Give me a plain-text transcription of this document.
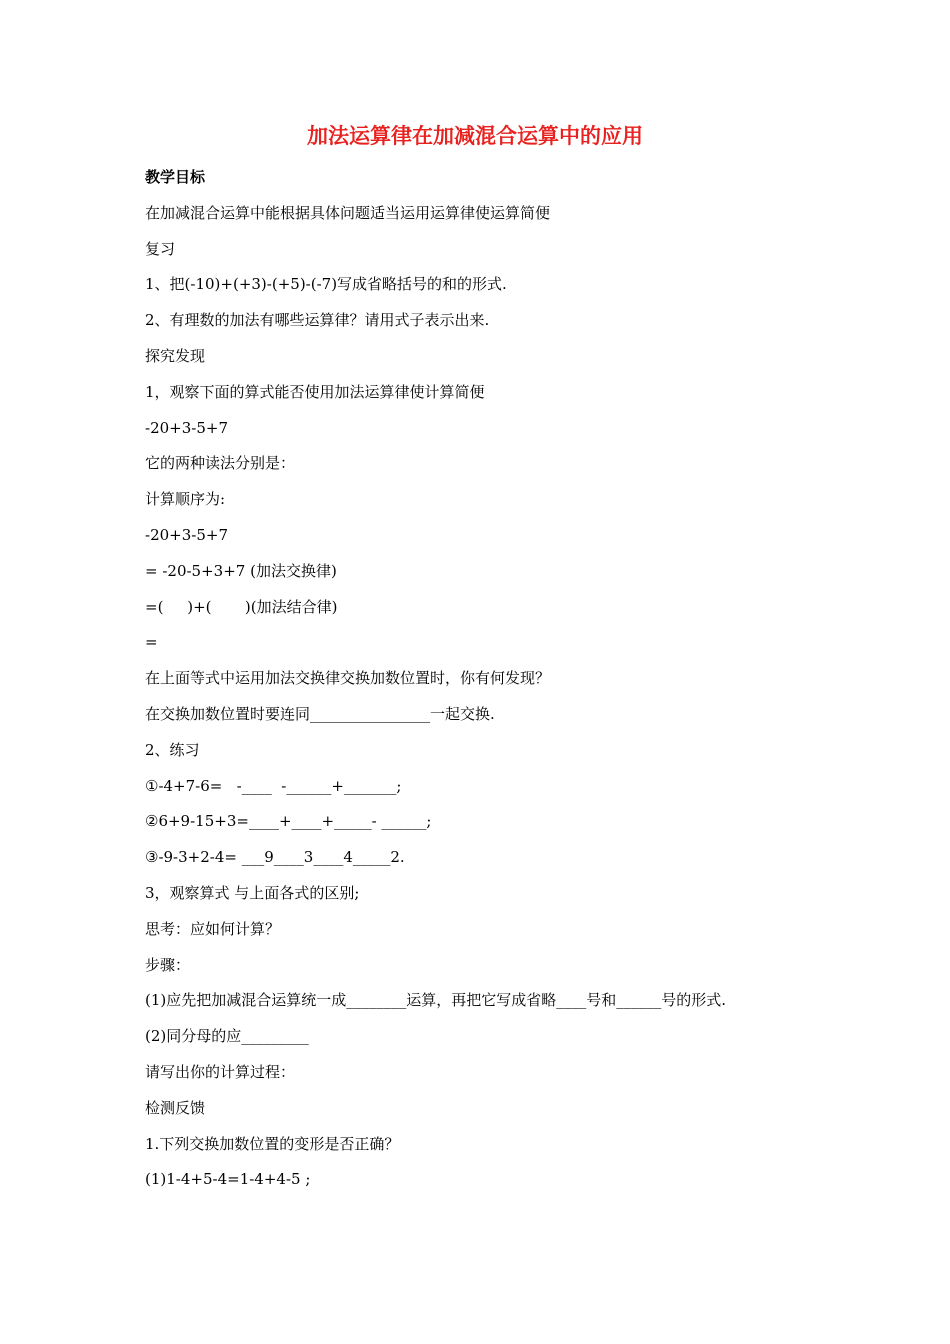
加法运算律在加减混合运算中的应用
教学目标
在加减混合运算中能根据具体问题适当运用运算律使运算简便
复习
1、把(-10)+(+3)-(+5)-(-7)写成省略括号的和的形式.
2、有理数的加法有哪些运算律？请用式子表示出来.
探究发现
1，观察下面的算式能否使用加法运算律使计算简便
-20+3-5+7
它的两种读法分别是：
计算顺序为:
-20+3-5+7
= -20-5+3+7 (加法交换律)
=(     )+(       )(加法结合律)
=
在上面等式中运用加法交换律交换加数位置时，你有何发现？
在交换加数位置时要连同________________一起交换.
2、练习
①-4+7-6=   -____  -______+_______;
②6+9-15+3=____+____+_____- ______;
③-9-3+2-4= ___9____3____4_____2.
3，观察算式 与上面各式的区别;
思考：应如何计算？
步骤：
(1)应先把加减混合运算统一成________运算，再把它写成省略____号和______号的形式.
(2)同分母的应_________
请写出你的计算过程：
检测反馈
1.下列交换加数位置的变形是否正确？
(1)1-4+5-4=1-4+4-5 ;
